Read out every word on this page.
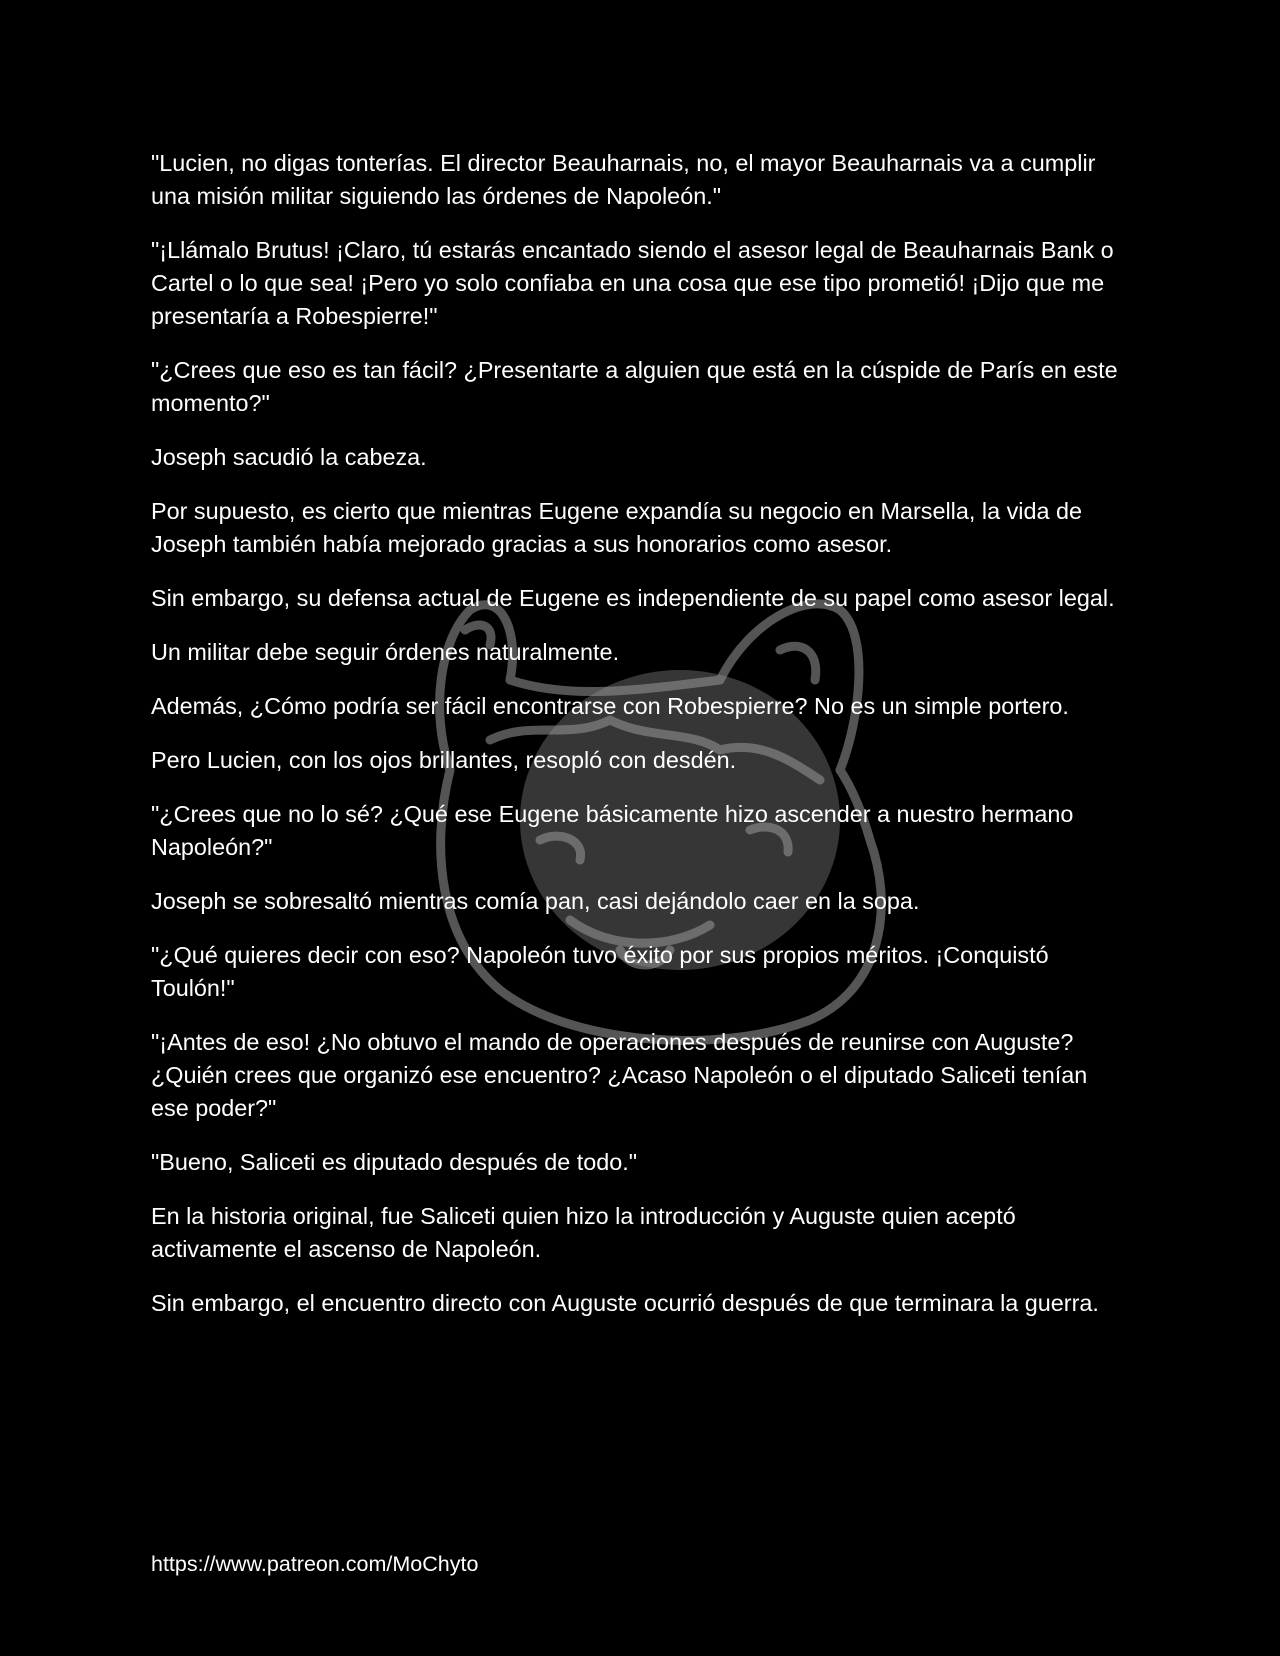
"Lucien, no digas tonterías. El director Beauharnais, no, el mayor Beauharnais va a cumplir una misión militar siguiendo las órdenes de Napoleón."

"¡Llámalo Brutus! ¡Claro, tú estarás encantado siendo el asesor legal de Beauharnais Bank o Cartel o lo que sea! ¡Pero yo solo confiaba en una cosa que ese tipo prometió! ¡Dijo que me presentaría a Robespierre!"

"¿Crees que eso es tan fácil? ¿Presentarte a alguien que está en la cúspide de París en este momento?"

Joseph sacudió la cabeza.

Por supuesto, es cierto que mientras Eugene expandía su negocio en Marsella, la vida de Joseph también había mejorado gracias a sus honorarios como asesor.

Sin embargo, su defensa actual de Eugene es independiente de su papel como asesor legal.

Un militar debe seguir órdenes naturalmente.

Además, ¿Cómo podría ser fácil encontrarse con Robespierre? No es un simple portero.

Pero Lucien, con los ojos brillantes, resopló con desdén.

"¿Crees que no lo sé? ¿Qué ese Eugene básicamente hizo ascender a nuestro hermano Napoleón?"

Joseph se sobresaltó mientras comía pan, casi dejándolo caer en la sopa.

"¿Qué quieres decir con eso? Napoleón tuvo éxito por sus propios méritos. ¡Conquistó Toulón!"

"¡Antes de eso! ¿No obtuvo el mando de operaciones después de reunirse con Auguste? ¿Quién crees que organizó ese encuentro? ¿Acaso Napoleón o el diputado Saliceti tenían ese poder?"

"Bueno, Saliceti es diputado después de todo."

En la historia original, fue Saliceti quien hizo la introducción y Auguste quien aceptó activamente el ascenso de Napoleón.

Sin embargo, el encuentro directo con Auguste ocurrió después de que terminara la guerra.

https://www.patreon.com/MoChyto
